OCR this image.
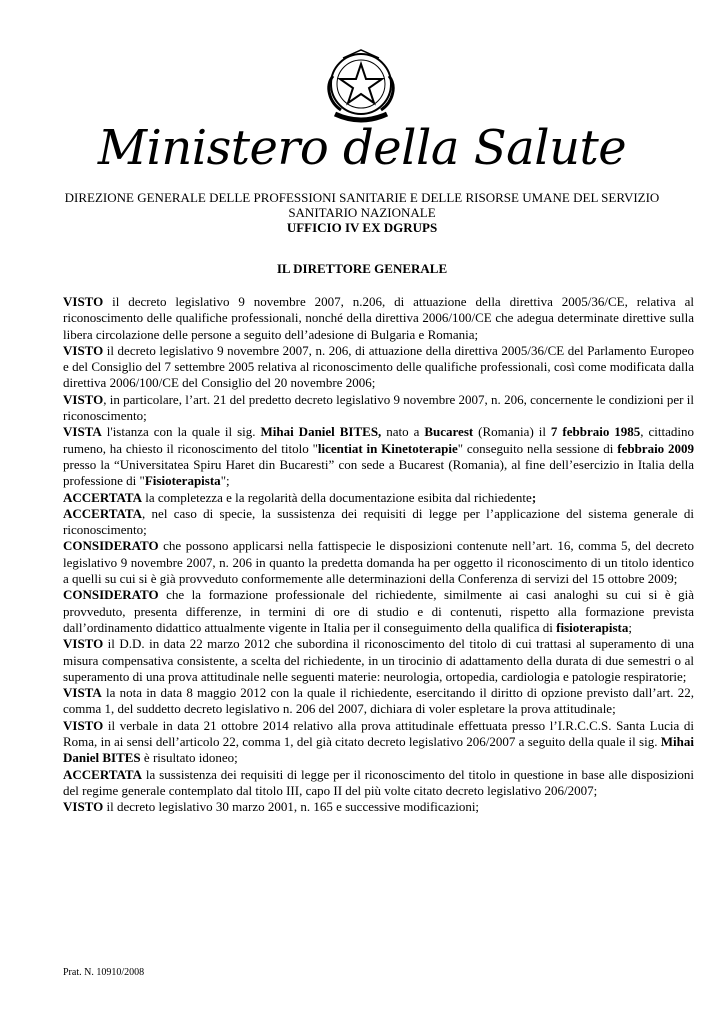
Ministero della Salute
DIREZIONE GENERALE DELLE PROFESSIONI SANITARIE E DELLE RISORSE UMANE DEL SERVIZIO SANITARIO NAZIONALE
UFFICIO IV EX DGRUPS
IL DIRETTORE GENERALE

VISTO il decreto legislativo 9 novembre 2007, n.206, di attuazione della direttiva 2005/36/CE, relativa al riconoscimento delle qualifiche professionali, nonché della direttiva 2006/100/CE che adegua determinate direttive sulla libera circolazione delle persone a seguito dell’adesione di Bulgaria e Romania;

VISTO il decreto legislativo 9 novembre 2007, n. 206, di attuazione della direttiva 2005/36/CE del Parlamento Europeo e del Consiglio del 7 settembre 2005 relativa al riconoscimento delle qualifiche professionali, così come modificata dalla direttiva 2006/100/CE del Consiglio del 20 novembre 2006;

VISTO, in particolare, l’art. 21 del predetto decreto legislativo 9 novembre 2007, n. 206, concernente le condizioni per il riconoscimento;

VISTA l'istanza con la quale il sig. Mihai Daniel BITES, nato a Bucarest (Romania) il 7 febbraio 1985, cittadino rumeno, ha chiesto il riconoscimento del titolo "licentiat in Kinetoterapie" conseguito nella sessione di febbraio 2009 presso la “Universitatea Spiru Haret din Bucaresti” con sede a Bucarest (Romania), al fine dell’esercizio in Italia della professione di "Fisioterapista";

ACCERTATA la completezza e la regolarità della documentazione esibita dal richiedente;

ACCERTATA, nel caso di specie, la sussistenza dei requisiti di legge per l’applicazione del sistema generale di riconoscimento;

CONSIDERATO che possono applicarsi nella fattispecie le disposizioni contenute nell’art. 16, comma 5, del decreto legislativo 9 novembre 2007, n. 206 in quanto la predetta domanda ha per oggetto il riconoscimento di un titolo identico a quelli su cui si è già provveduto conformemente alle determinazioni della Conferenza di servizi del 15 ottobre 2009;

CONSIDERATO che la formazione professionale del richiedente, similmente ai casi analoghi su cui si è già provveduto, presenta differenze, in termini di ore di studio e di contenuti, rispetto alla formazione prevista dall’ordinamento didattico attualmente vigente in Italia per il conseguimento della qualifica di fisioterapista;

VISTO il D.D. in data 22 marzo 2012 che subordina il riconoscimento del titolo di cui trattasi al superamento di una misura compensativa consistente, a scelta del richiedente, in un tirocinio di adattamento della durata di due semestri o al superamento di una prova attitudinale nelle seguenti materie: neurologia, ortopedia, cardiologia e patologie respiratorie;

VISTA la nota in data 8 maggio 2012 con la quale il richiedente, esercitando il diritto di opzione previsto dall’art. 22, comma 1, del suddetto decreto legislativo n. 206 del 2007, dichiara di voler espletare la prova attitudinale;

VISTO il verbale in data 21 ottobre 2014 relativo alla prova attitudinale effettuata presso l’I.R.C.C.S. Santa Lucia di Roma, in ai sensi dell’articolo 22, comma 1, del già citato decreto legislativo 206/2007 a seguito della quale il sig. Mihai Daniel BITES è risultato idoneo;

ACCERTATA la sussistenza dei requisiti di legge per il riconoscimento del titolo in questione in base alle disposizioni del regime generale contemplato dal titolo III, capo II del più volte citato decreto legislativo 206/2007;

VISTO il decreto legislativo 30 marzo 2001, n. 165 e successive modificazioni;

Prat. N. 10910/2008
